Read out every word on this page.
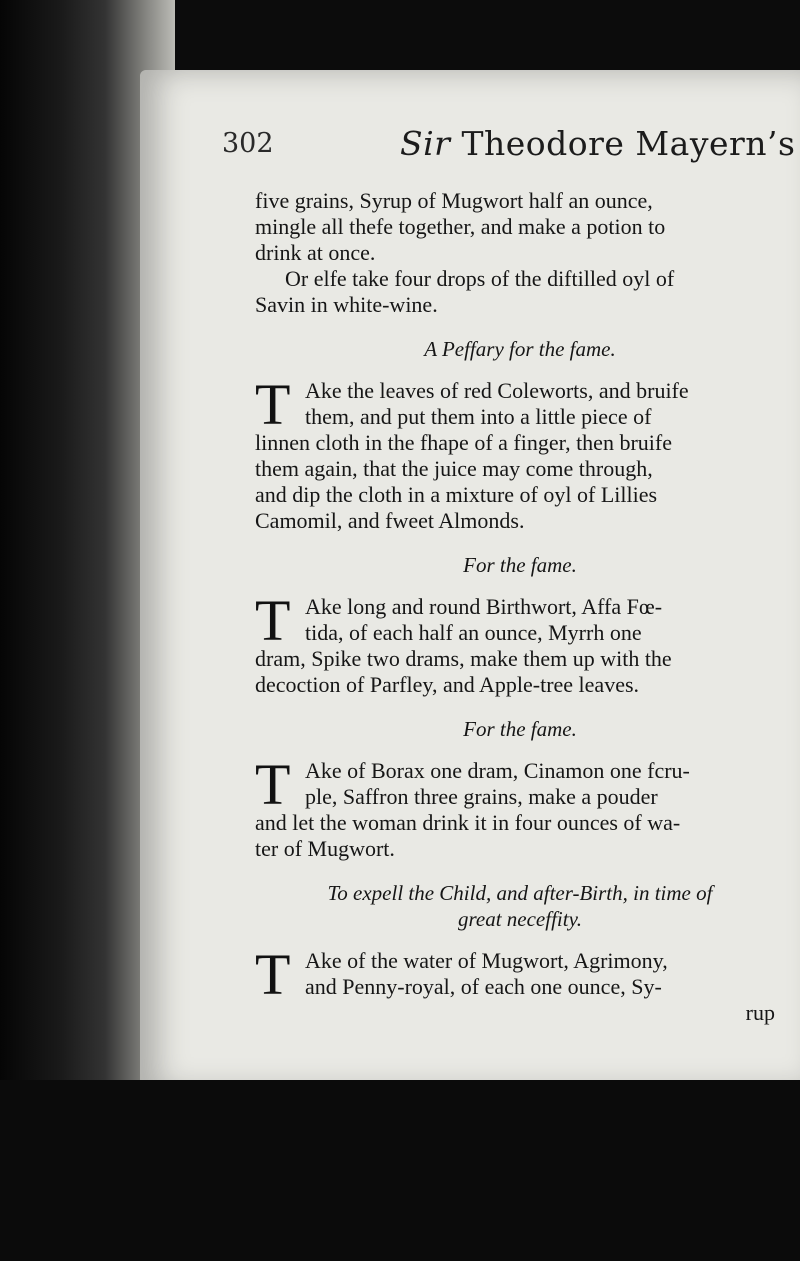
302	Sir Theodore Mayern’s
five grains, Syrup of Mugwort half an ounce,
mingle all thefe together, and make a potion to
drink at once.
Or elfe take four drops of the diftilled oyl of
Savin in white-wine.
A Peffary for the fame.
T Ake the leaves of red Coleworts, and bruife
them, and put them into a little piece of
linnen cloth in the fhape of a finger, then bruife
them again, that the juice may come through,
and dip the cloth in a mixture of oyl of Lillies
Camomil, and fweet Almonds.
For the fame.
T Ake long and round Birthwort, Affa Fœ-
tida, of each half an ounce, Myrrh one
dram, Spike two drams, make them up with the
decoction of Parfley, and Apple-tree leaves.
For the fame.
T Ake of Borax one dram, Cinamon one fcru-
ple, Saffron three grains, make a pouder
and let the woman drink it in four ounces of wa-
ter of Mugwort.
To expell the Child, and after-Birth, in time of
great neceffity.
T Ake of the water of Mugwort, Agrimony,
and Penny-royal, of each one ounce, Sy-
rup
